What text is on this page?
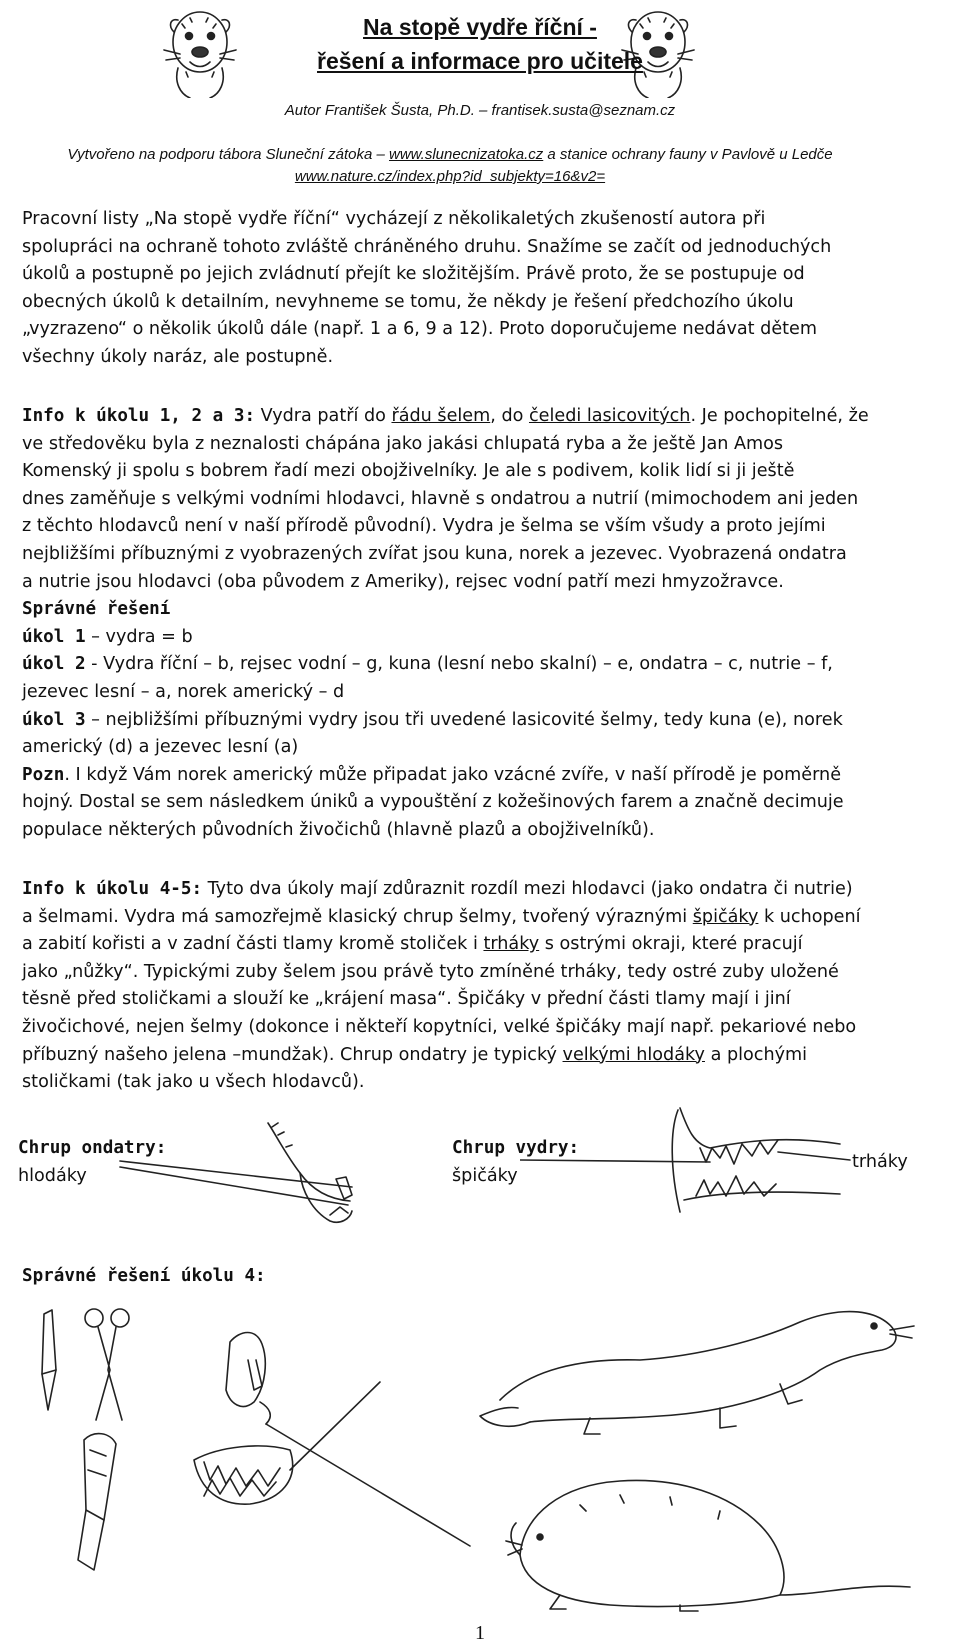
Na stopě vydře říční -
řešení a informace pro učitele
Autor František Šusta, Ph.D. – frantisek.susta@seznam.cz
Vytvořeno na podporu tábora Sluneční zátoka – www.slunecnizatoka.cz a stanice ochrany fauny v Pavlově u Ledče
www.nature.cz/index.php?id_subjekty=16&v2=

Pracovní listy „Na stopě vydře říční“ vycházejí z několikaletých zkušeností autora při

spolupráci na ochraně tohoto zvláště chráněného druhu. Snažíme se začít od jednoduchých

úkolů a postupně po jejich zvládnutí přejít ke složitějším. Právě proto, že se postupuje od

obecných úkolů k detailním, nevyhneme se tomu, že někdy je řešení předchozího úkolu

„vyzrazeno“ o několik úkolů dále (např. 1 a 6, 9 a 12). Proto doporučujeme nedávat dětem

všechny úkoly naráz, ale postupně.

Info k úkolu 1, 2 a 3: Vydra patří do řádu šelem, do čeledi lasicovitých. Je pochopitelné, že

ve středověku byla z neznalosti chápána jako jakási chlupatá ryba a že ještě Jan Amos

Komenský ji spolu s bobrem řadí mezi obojživelníky. Je ale s podivem, kolik lidí si ji ještě

dnes zaměňuje s velkými vodními hlodavci, hlavně s ondatrou a nutrií (mimochodem ani jeden

z těchto hlodavců není v naší přírodě původní). Vydra je šelma se vším všudy a proto jejími

nejbližšími příbuznými z vyobrazených zvířat jsou kuna, norek a jezevec. Vyobrazená ondatra

a nutrie jsou hlodavci (oba původem z Ameriky), rejsec vodní patří mezi hmyzožravce.

Správné řešení

úkol 1 – vydra = b

úkol 2 - Vydra říční – b, rejsec vodní – g, kuna (lesní nebo skalní) – e, ondatra – c, nutrie – f,

jezevec lesní – a, norek americký – d

úkol 3 – nejbližšími příbuznými vydry jsou tři uvedené lasicovité šelmy, tedy kuna (e), norek

americký (d) a jezevec lesní (a)

Pozn. I když Vám norek americký může připadat jako vzácné zvíře, v naší přírodě je poměrně

hojný. Dostal se sem následkem úniků a vypouštění z kožešinových farem a značně decimuje

populace některých původních živočichů (hlavně plazů a obojživelníků).

Info k úkolu 4-5: Tyto dva úkoly mají zdůraznit rozdíl mezi hlodavci (jako ondatra či nutrie)

a šelmami. Vydra má samozřejmě klasický chrup šelmy, tvořený výraznými špičáky k uchopení

a zabití kořisti a v zadní části tlamy kromě stoliček i trháky s ostrými okraji, které pracují

jako „nůžky“. Typickými zuby šelem jsou právě tyto zmíněné trháky, tedy ostré zuby uložené

těsně před stoličkami a slouží ke „krájení masa“. Špičáky v přední části tlamy mají i jiní

živočichové, nejen šelmy (dokonce i někteří kopytníci, velké špičáky mají např. pekariové nebo

příbuzný našeho jelena –mundžak). Chrup ondatry je typický velkými hlodáky a plochými

stoličkami (tak jako u všech hlodavců).

Chrup ondatry:
hlodáky
Chrup vydry:
špičáky
trháky
Správné řešení úkolu 4:
1
